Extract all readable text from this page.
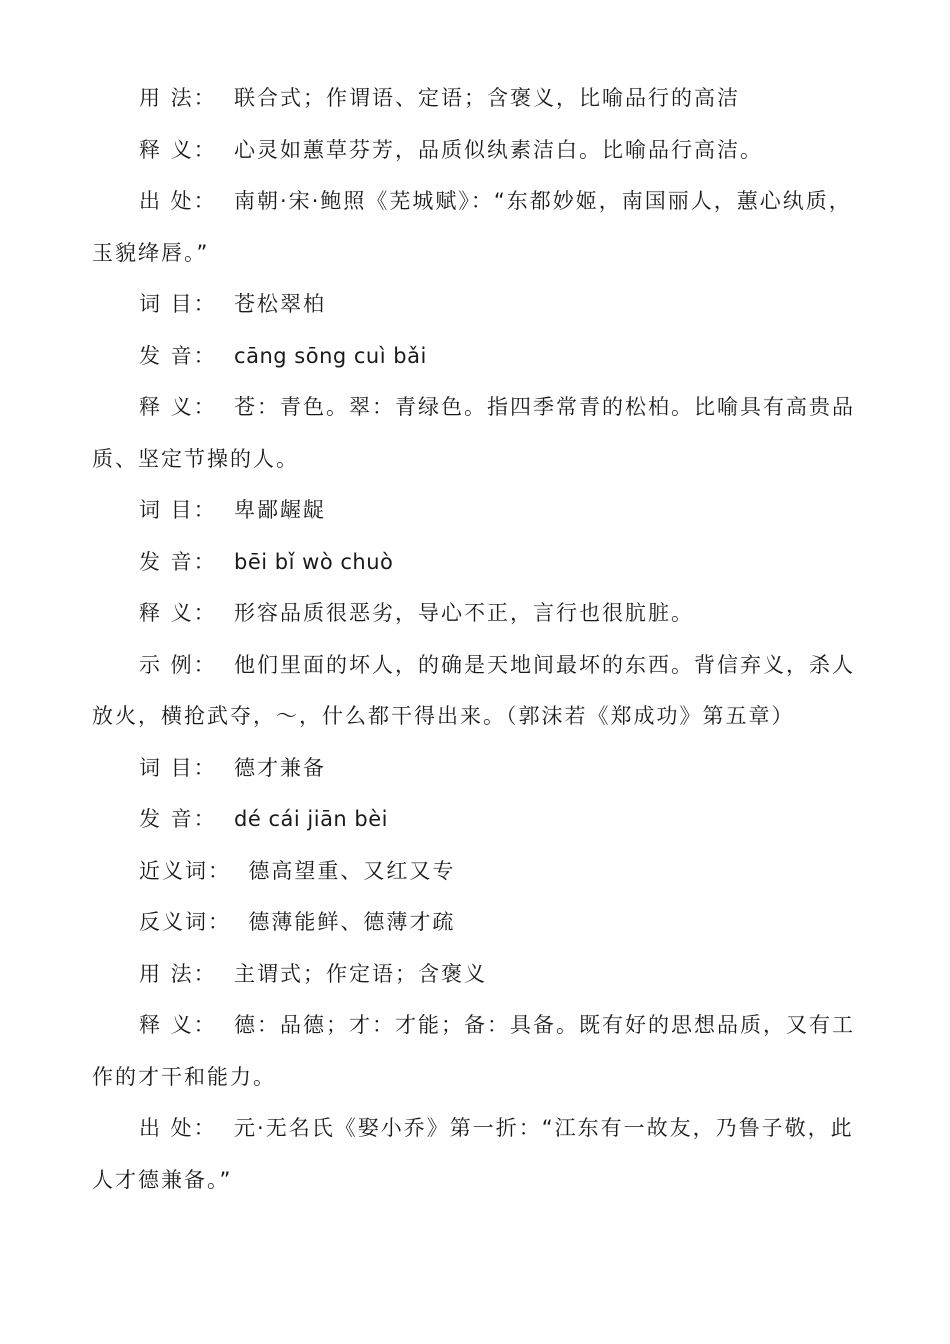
用 法： 联合式；作谓语、定语；含褒义，比喻品行的高洁

释 义： 心灵如蕙草芬芳，品质似纨素洁白。比喻品行高洁。

出 处： 南朝·宋·鲍照《芜城赋》：“东都妙姬，南国丽人，蕙心纨质，玉貌绛唇。”

词 目： 苍松翠柏

发 音： cāng sōng cuì bǎi

释 义： 苍：青色。翠：青绿色。指四季常青的松柏。比喻具有高贵品质、坚定节操的人。

词 目： 卑鄙龌龊

发 音： bēi bǐ wò chuò

释 义： 形容品质很恶劣，导心不正，言行也很肮脏。

示 例： 他们里面的坏人，的确是天地间最坏的东西。背信弃义，杀人放火，横抢武夺，～，什么都干得出来。（郭沫若《郑成功》第五章）

词 目： 德才兼备

发 音： dé cái jiān bèi

近义词： 德高望重、又红又专

反义词： 德薄能鲜、德薄才疏

用 法： 主谓式；作定语；含褒义

释 义： 德：品德；才：才能；备：具备。既有好的思想品质，又有工作的才干和能力。

出 处： 元·无名氏《娶小乔》第一折：“江东有一故友，乃鲁子敬，此人才德兼备。”
